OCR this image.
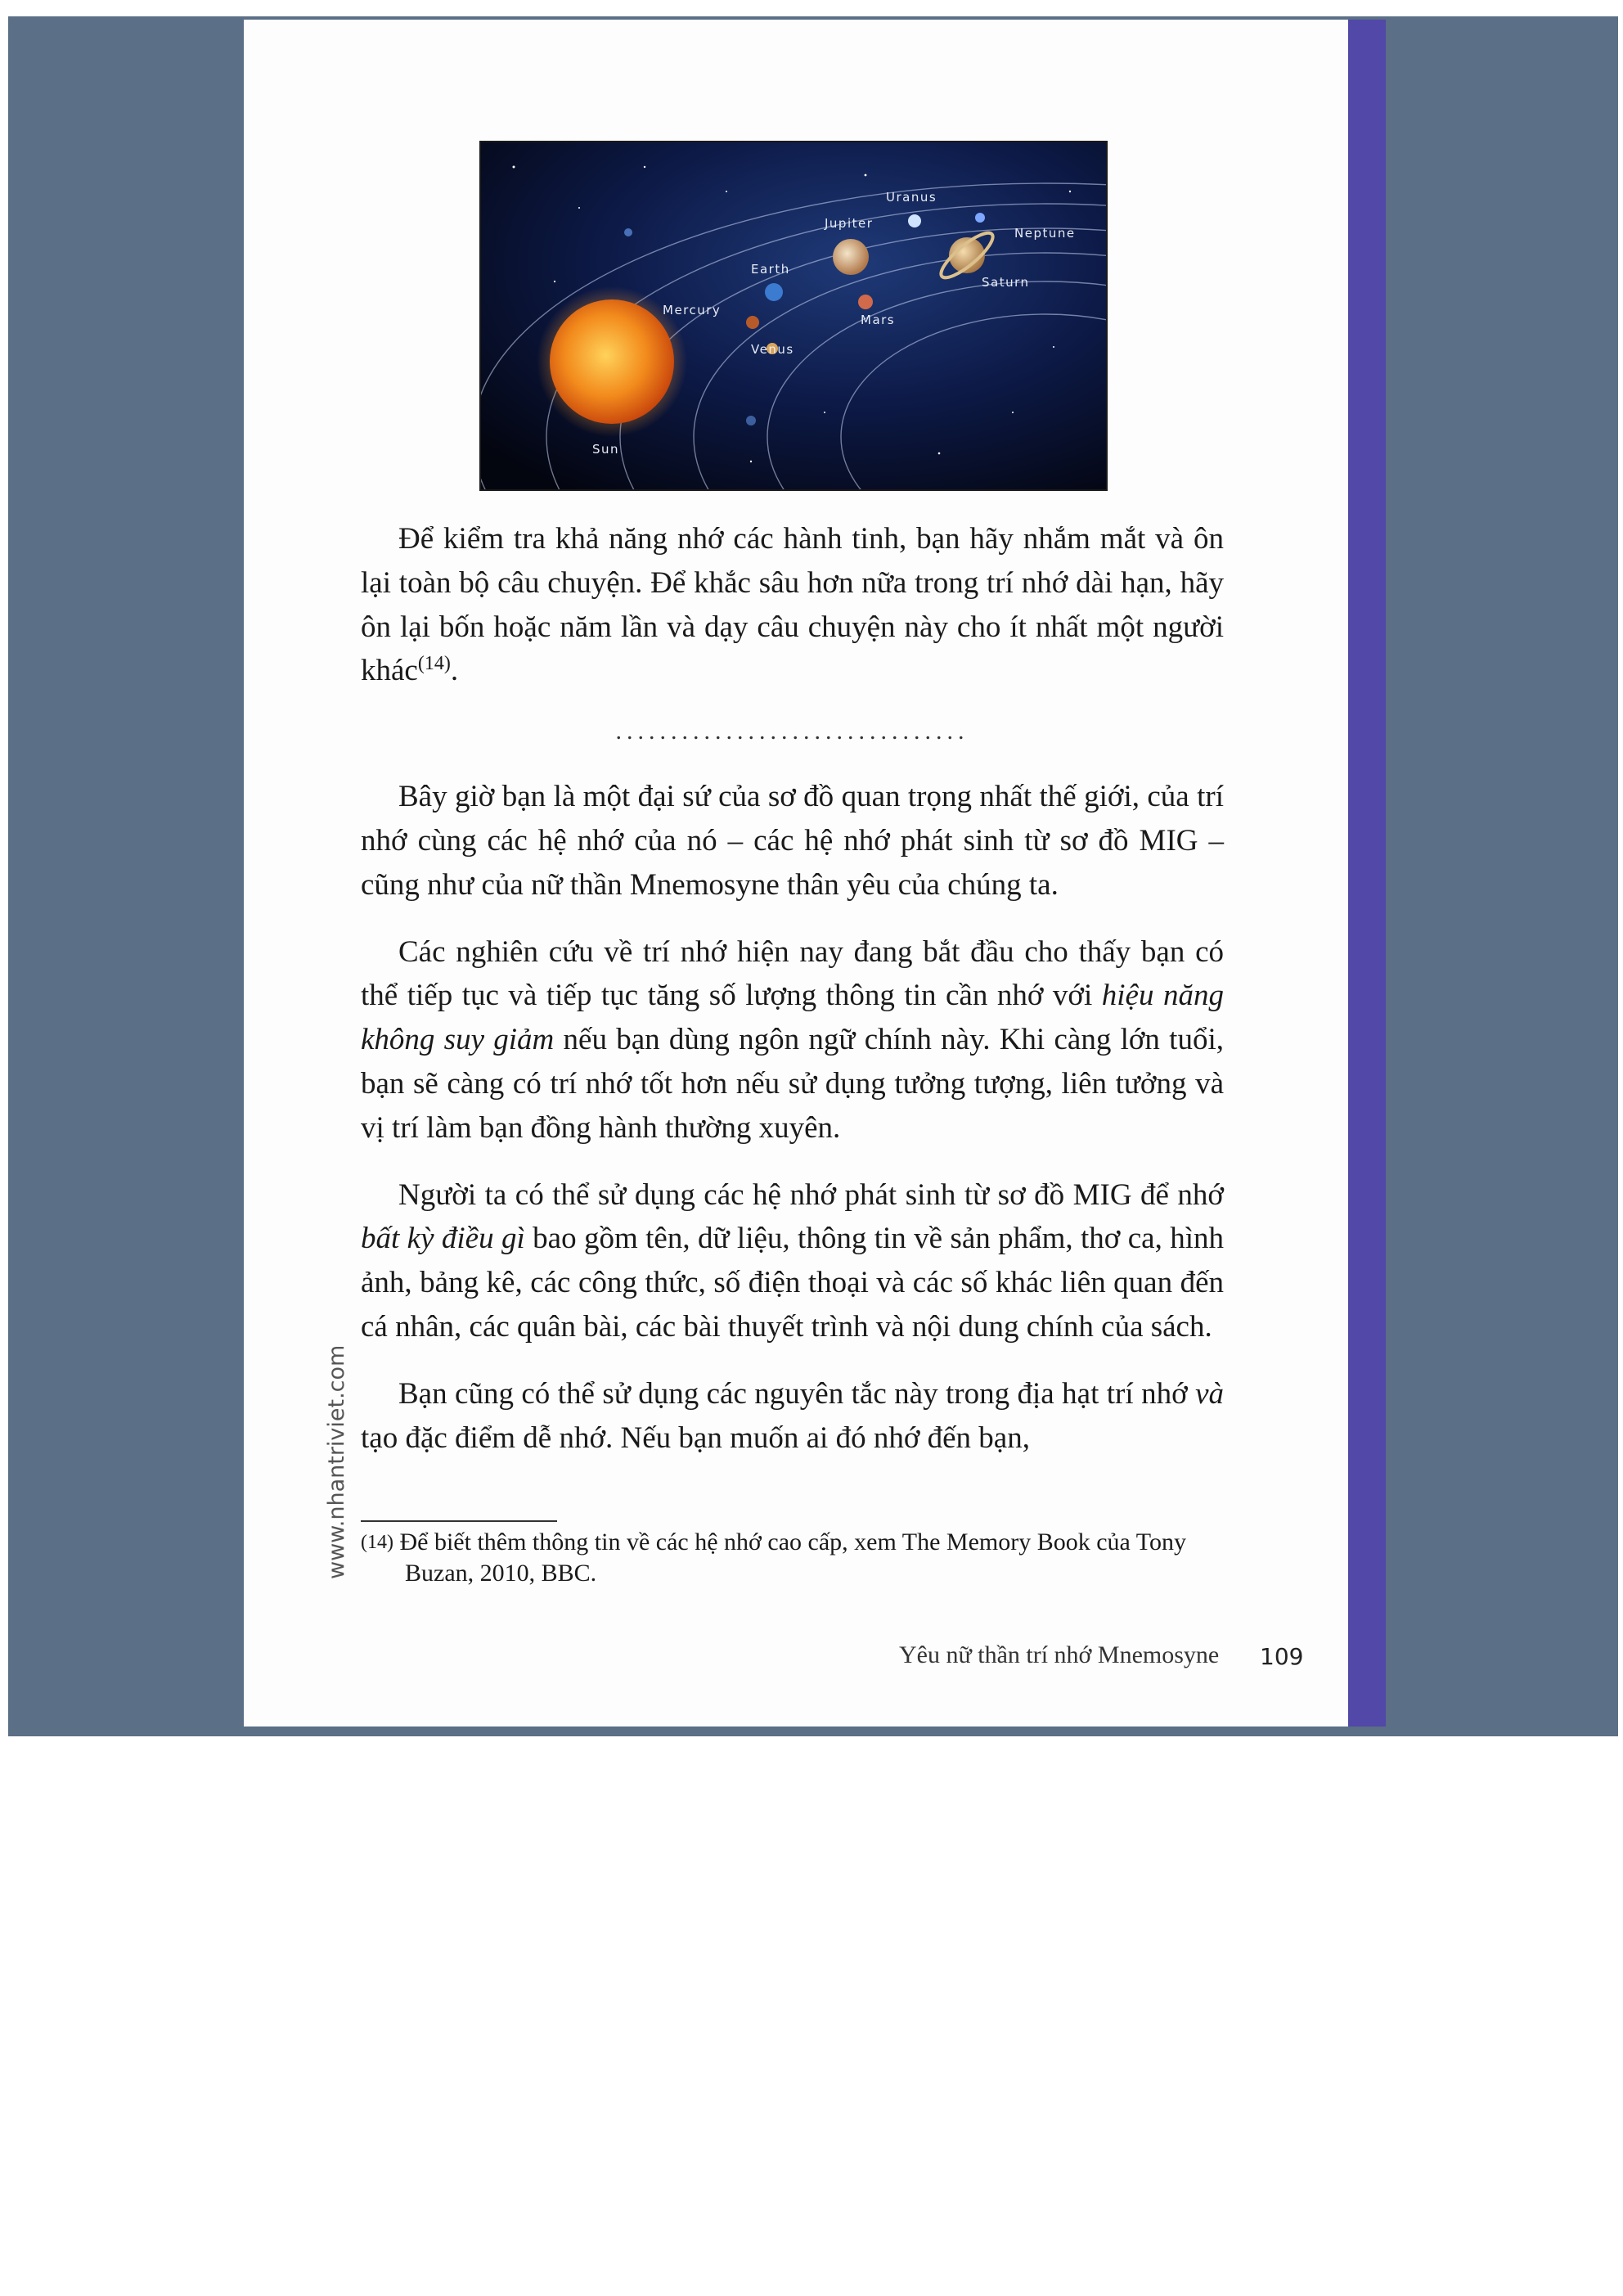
Uranus
Jupiter
Neptune
Earth
Saturn
Mercury
Mars
Venus
Sun
www.nhantriviet.com

Để kiểm tra khả năng nhớ các hành tinh, bạn hãy nhắm mắt và ôn lại toàn bộ câu chuyện. Để khắc sâu hơn nữa trong trí nhớ dài hạn, hãy ôn lại bốn hoặc năm lần và dạy câu chuyện này cho ít nhất một người khác$^{(14)}$.

................................

Bây giờ bạn là một đại sứ của sơ đồ quan trọng nhất thế giới, của trí nhớ cùng các hệ nhớ của nó – các hệ nhớ phát sinh từ sơ đồ MIG – cũng như của nữ thần Mnemosyne thân yêu của chúng ta.

Các nghiên cứu về trí nhớ hiện nay đang bắt đầu cho thấy bạn có thể tiếp tục và tiếp tục tăng số lượng thông tin cần nhớ với hiệu năng không suy giảm nếu bạn dùng ngôn ngữ chính này. Khi càng lớn tuổi, bạn sẽ càng có trí nhớ tốt hơn nếu sử dụng tưởng tượng, liên tưởng và vị trí làm bạn đồng hành thường xuyên.

Người ta có thể sử dụng các hệ nhớ phát sinh từ sơ đồ MIG để nhớ bất kỳ điều gì bao gồm tên, dữ liệu, thông tin về sản phẩm, thơ ca, hình ảnh, bảng kê, các công thức, số điện thoại và các số khác liên quan đến cá nhân, các quân bài, các bài thuyết trình và nội dung chính của sách.

Bạn cũng có thể sử dụng các nguyên tắc này trong địa hạt trí nhớ và tạo đặc điểm dễ nhớ. Nếu bạn muốn ai đó nhớ đến bạn,

$^{(14)}$ Để biết thêm thông tin về các hệ nhớ cao cấp, xem The Memory Book của Tony
Buzan, 2010, BBC.
Yêu nữ thần trí nhớ Mnemosyne 109
